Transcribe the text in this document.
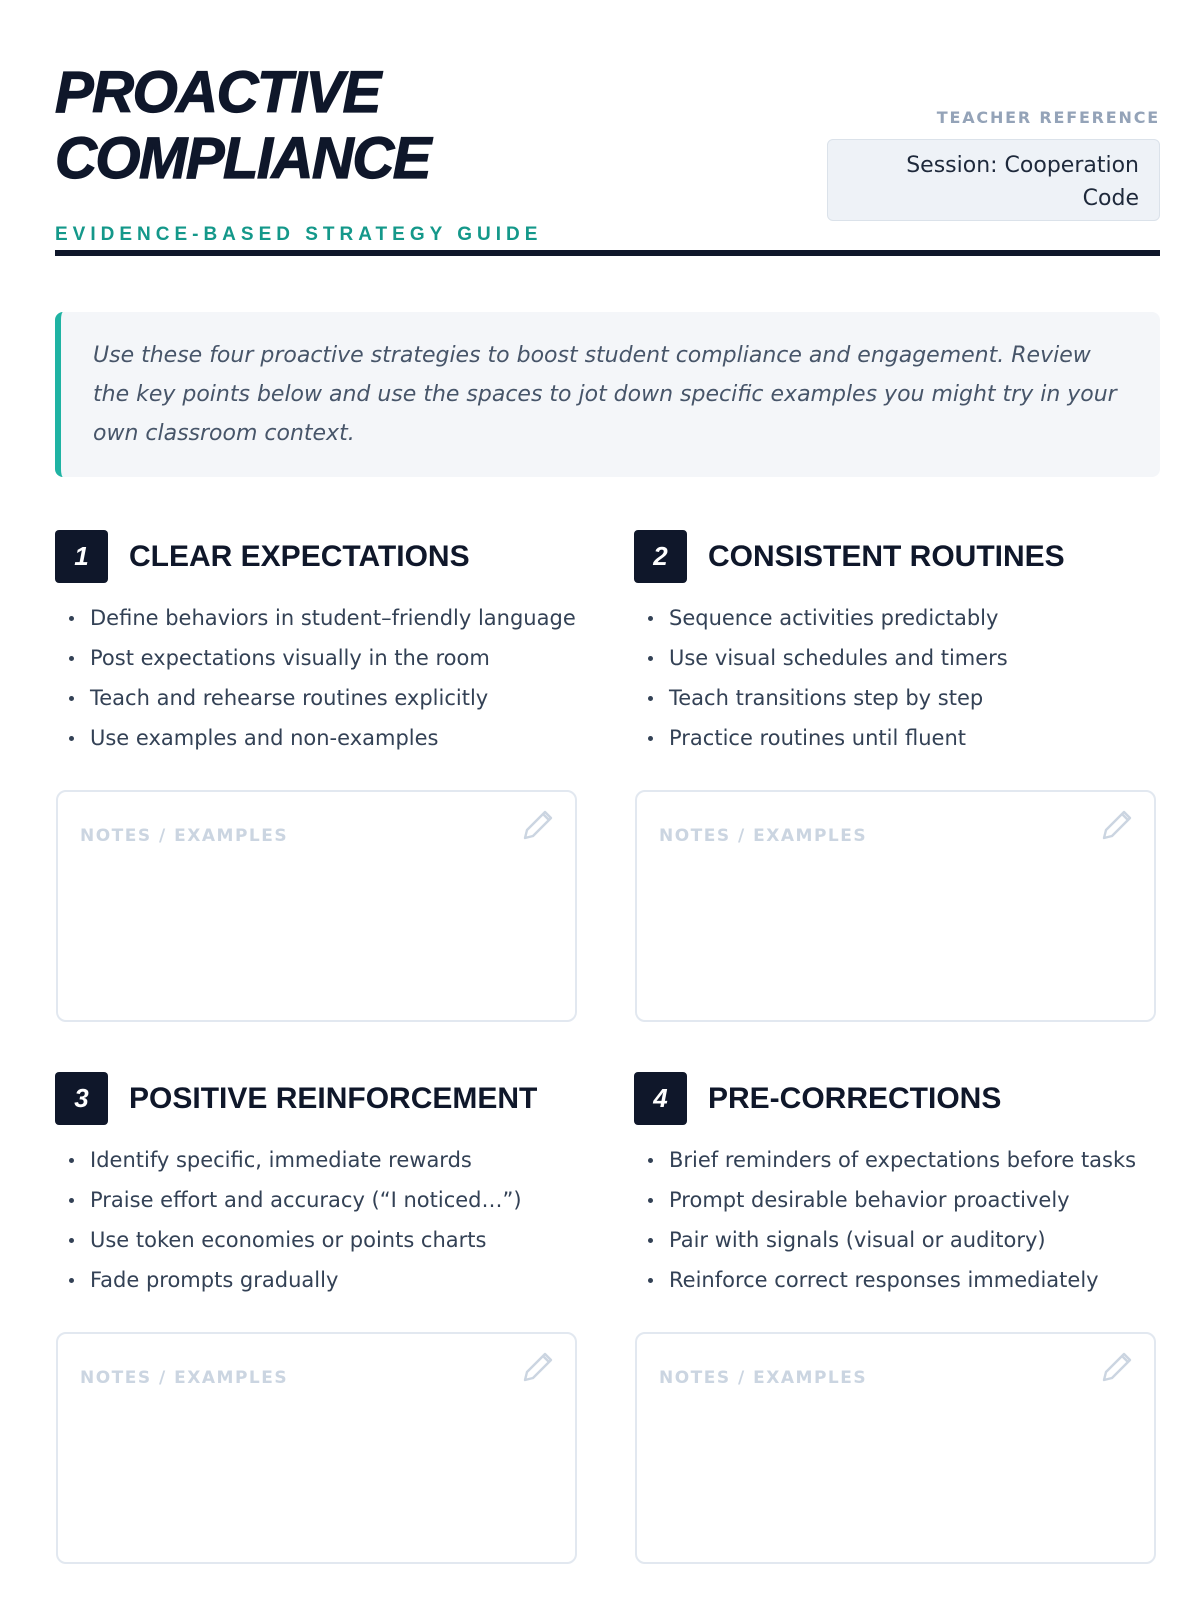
PROACTIVE
COMPLIANCE
EVIDENCE-BASED STRATEGY GUIDE
TEACHER REFERENCE
Session: Cooperation Code
Use these four proactive strategies to boost student compliance and engagement. Review the key points below and use the spaces to jot down specific examples you might try in your own classroom context.
1	CLEAR EXPECTATIONS
Define behaviors in student–friendly language
Post expectations visually in the room
Teach and rehearse routines explicitly
Use examples and non-examples
NOTES / EXAMPLES
2	CONSISTENT ROUTINES
Sequence activities predictably
Use visual schedules and timers
Teach transitions step by step
Practice routines until fluent
NOTES / EXAMPLES
3	POSITIVE REINFORCEMENT
Identify specific, immediate rewards
Praise effort and accuracy (“I noticed…”)
Use token economies or points charts
Fade prompts gradually
NOTES / EXAMPLES
4	PRE-CORRECTIONS
Brief reminders of expectations before tasks
Prompt desirable behavior proactively
Pair with signals (visual or auditory)
Reinforce correct responses immediately
NOTES / EXAMPLES
